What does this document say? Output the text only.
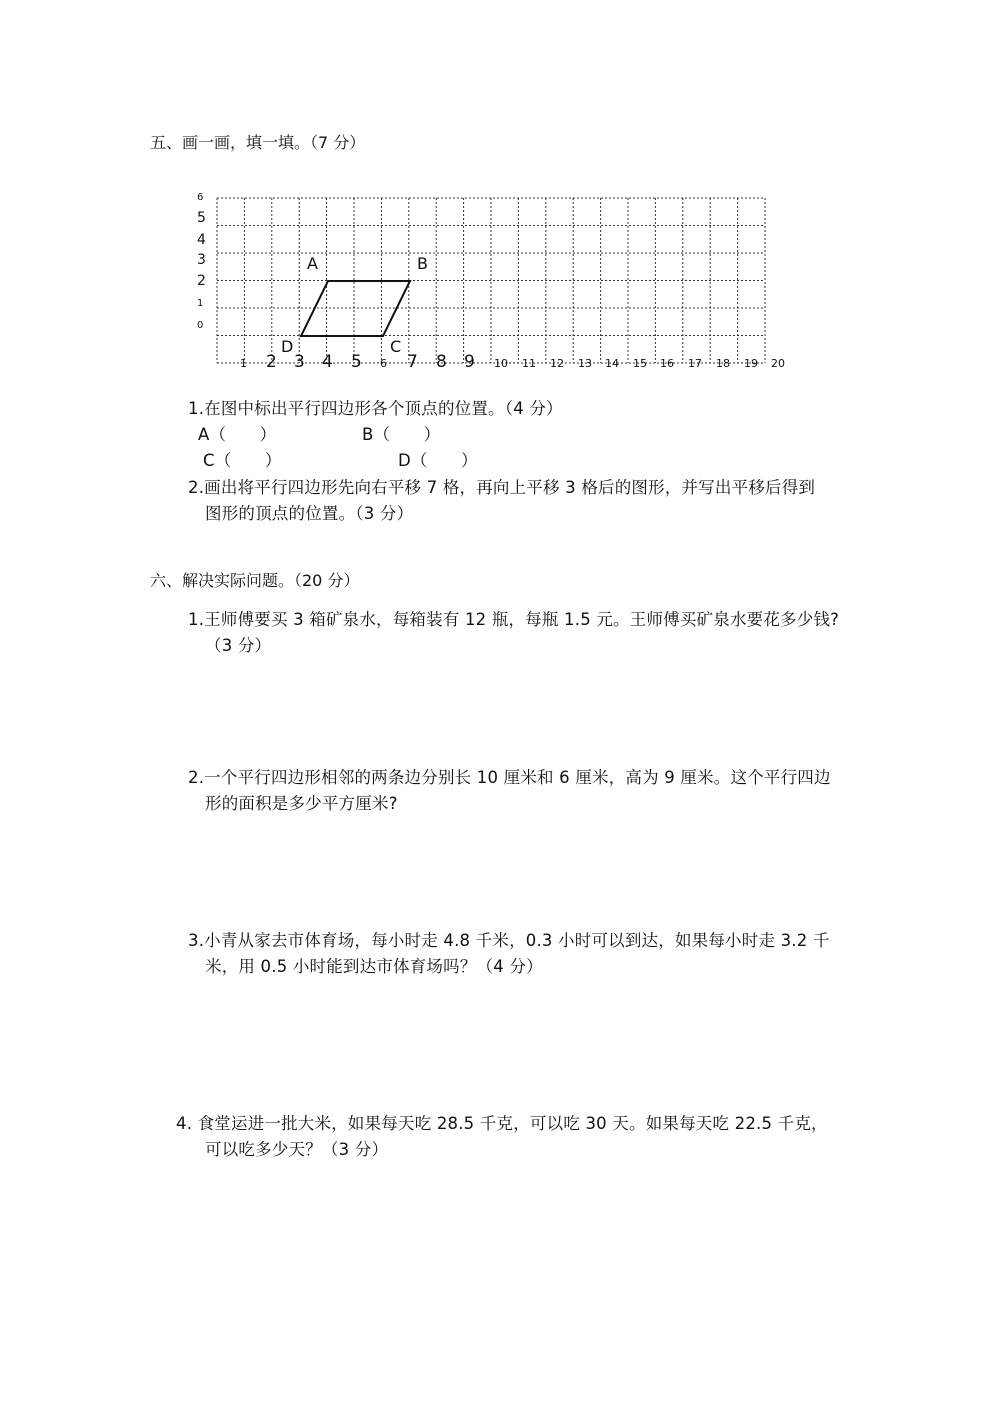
五、画一画，填一填。（7 分）
A	B
C
D
6
5
4
3
2
1
0
1 2 3 4 5 6 7 8 9 10 11 12 13 14 15 16 17 18 19 20
1.在图中标出平行四边形各个顶点的位置。（4 分）
A（　　）	B（　　）
C（　　）	D（　　）
2.画出将平行四边形先向右平移 7 格，再向上平移 3 格后的图形，并写出平移后得到
图形的顶点的位置。（3 分）
六、解决实际问题。（20 分）
1.王师傅要买 3 箱矿泉水，每箱装有 12 瓶，每瓶 1.5 元。王师傅买矿泉水要花多少钱?
（3 分）
2.一个平行四边形相邻的两条边分别长 10 厘米和 6 厘米，高为 9 厘米。这个平行四边
形的面积是多少平方厘米?
3.小青从家去市体育场，每小时走 4.8 千米，0.3 小时可以到达，如果每小时走 3.2 千
米，用 0.5 小时能到达市体育场吗？（4 分）
4. 食堂运进一批大米，如果每天吃 28.5 千克，可以吃 30 天。如果每天吃 22.5 千克，
可以吃多少天？（3 分）
